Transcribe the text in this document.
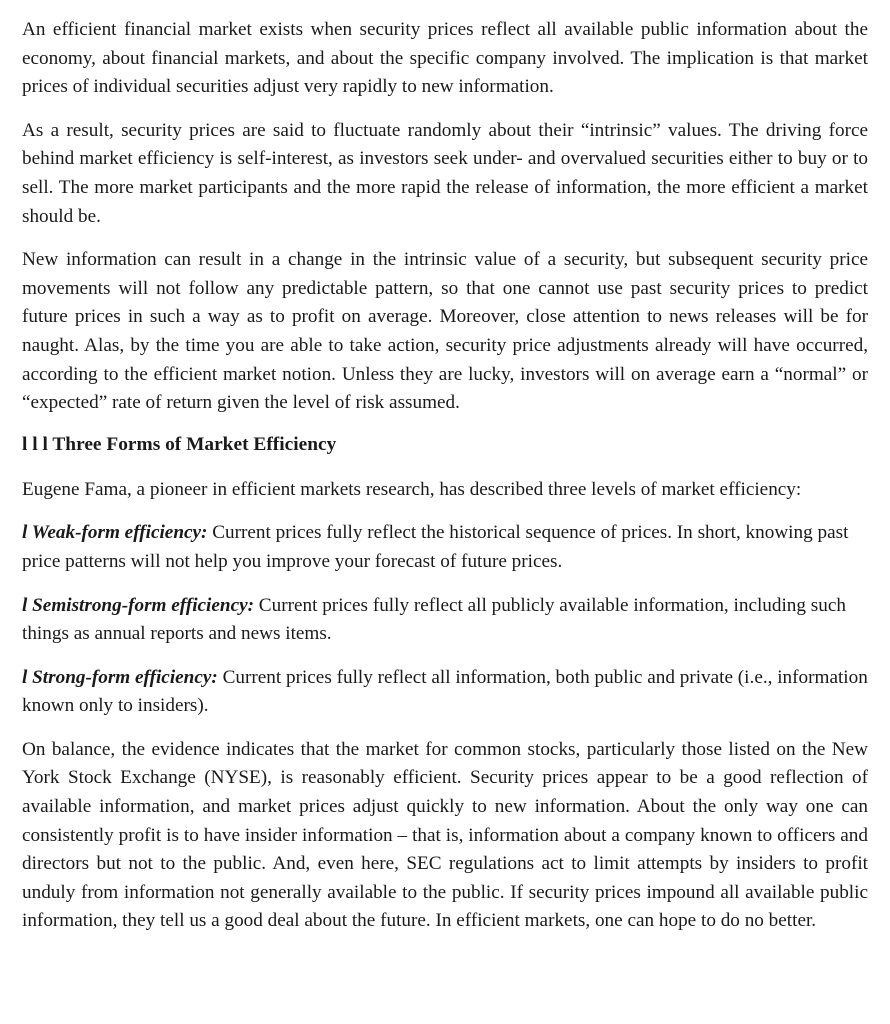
An efficient financial market exists when security prices reflect all available public information about the economy, about financial markets, and about the specific company involved. The implication is that market prices of individual securities adjust very rapidly to new information.

As a result, security prices are said to fluctuate randomly about their “intrinsic” values. The driving force behind market efficiency is self-interest, as investors seek under- and overvalued securities either to buy or to sell. The more market participants and the more rapid the release of information, the more efficient a market should be.

New information can result in a change in the intrinsic value of a security, but subsequent security price movements will not follow any predictable pattern, so that one cannot use past security prices to predict future prices in such a way as to profit on average. Moreover, close attention to news releases will be for naught. Alas, by the time you are able to take action, security price adjustments already will have occurred, according to the efficient market notion. Unless they are lucky, investors will on average earn a “normal” or “expected” rate of return given the level of risk assumed.

l l l Three Forms of Market Efficiency

Eugene Fama, a pioneer in efficient markets research, has described three levels of market efficiency:

l Weak-form efficiency: Current prices fully reflect the historical sequence of prices. In short, knowing past price patterns will not help you improve your forecast of future prices.

l Semistrong-form efficiency: Current prices fully reflect all publicly available information, including such things as annual reports and news items.

l Strong-form efficiency: Current prices fully reflect all information, both public and private (i.e., information known only to insiders).

On balance, the evidence indicates that the market for common stocks, particularly those listed on the New York Stock Exchange (NYSE), is reasonably efficient. Security prices appear to be a good reflection of available information, and market prices adjust quickly to new information. About the only way one can consistently profit is to have insider information – that is, information about a company known to officers and directors but not to the public. And, even here, SEC regulations act to limit attempts by insiders to profit unduly from information not generally available to the public. If security prices impound all available public information, they tell us a good deal about the future. In efficient markets, one can hope to do no better.
